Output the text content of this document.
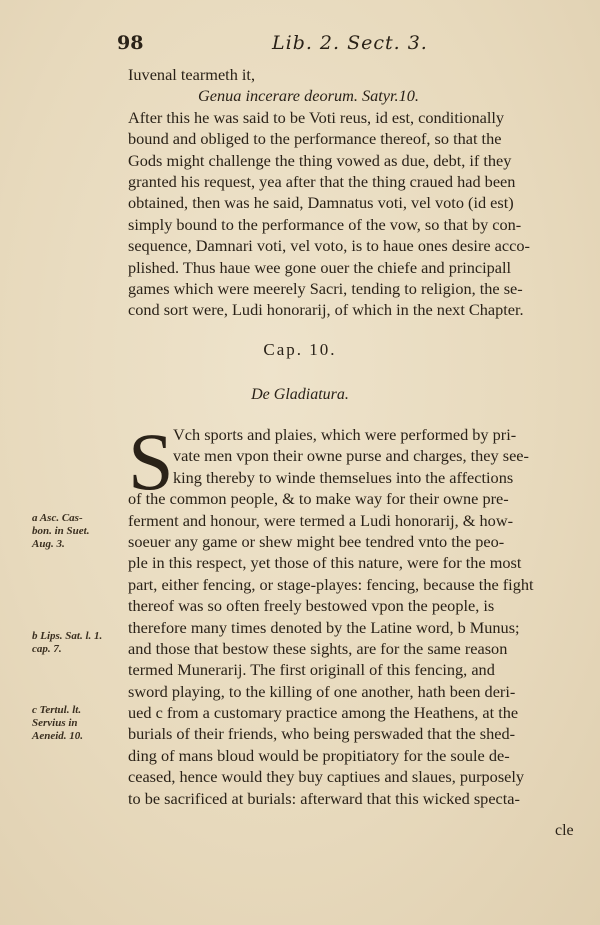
98	Lib. 2. Sect. 3.
Iuvenal tearmeth it,
Genua incerare deorum. Satyr.10.
After this he was said to be Voti reus, id est, conditionally
bound and obliged to the performance thereof, so that the
Gods might challenge the thing vowed as due, debt, if they
granted his request, yea after that the thing craued had been
obtained, then was he said, Damnatus voti, vel voto (id est)
simply bound to the performance of the vow, so that by con-
sequence, Damnari voti, vel voto, is to haue ones desire acco-
plished. Thus haue wee gone ouer the chiefe and principall
games which were meerely Sacri, tending to religion, the se-
cond sort were, Ludi honorarij, of which in the next Chapter.
Cap. 10.
De Gladiatura.
S Vch sports and plaies, which were performed by pri-
vate men vpon their owne purse and charges, they see-
king thereby to winde themselues into the affections
of the common people, & to make way for their owne pre-
ferment and honour, were termed a Ludi honorarij, & how-
soeuer any game or shew might bee tendred vnto the peo-
ple in this respect, yet those of this nature, were for the most
part, either fencing, or stage-playes: fencing, because the fight
thereof was so often freely bestowed vpon the people, is
therefore many times denoted by the Latine word, b Munus;
and those that bestow these sights, are for the same reason
termed Munerarij. The first originall of this fencing, and
sword playing, to the killing of one another, hath been deri-
ued c from a customary practice among the Heathens, at the
burials of their friends, who being perswaded that the shed-
ding of mans bloud would be propitiatory for the soule de-
ceased, hence would they buy captiues and slaues, purposely
to be sacrificed at burials: afterward that this wicked specta-
a Asc. Cas-
bon. in Suet.
Aug. 3.
b Lips. Sat. l. 1.
cap. 7.
c Tertul. lt.
Servius in
Aeneid. 10.
cle
